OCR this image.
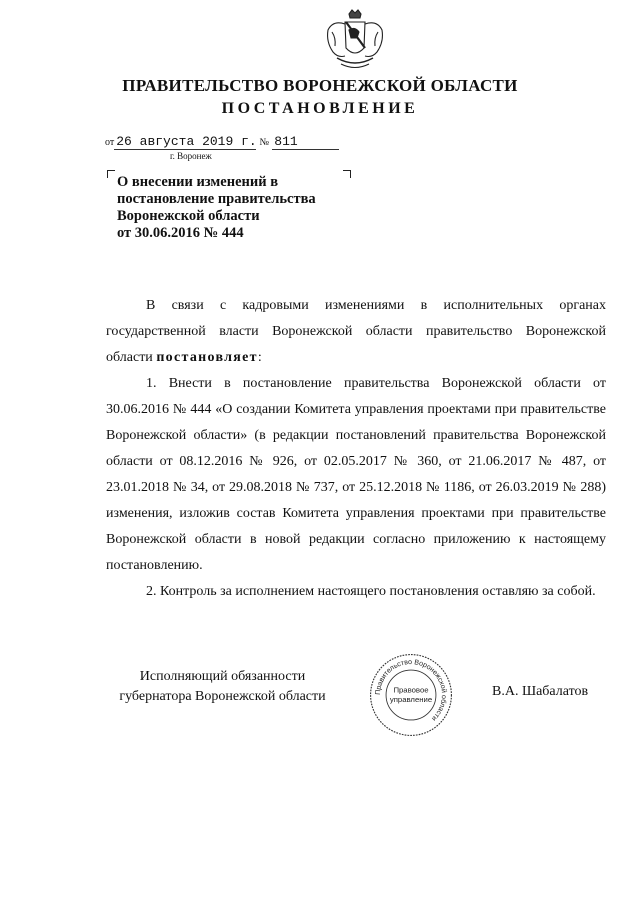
ПРАВИТЕЛЬСТВО ВОРОНЕЖСКОЙ ОБЛАСТИ
ПОСТАНОВЛЕНИЕ
от 26 августа 2019 г. № 811
г. Воронеж
О внесении изменений в
постановление правительства
Воронежской области
от 30.06.2016 № 444

В связи с кадровыми изменениями в исполнительных органах государственной власти Воронежской области правительство Воронежской области постановляет:

1. Внести в постановление правительства Воронежской области от 30.06.2016 № 444 «О создании Комитета управления проектами при правительстве Воронежской области» (в редакции постановлений правительства Воронежской области от 08.12.2016 № 926, от 02.05.2017 № 360, от 21.06.2017 № 487, от 23.01.2018 № 34, от 29.08.2018 № 737, от 25.12.2018 № 1186, от 26.03.2019 № 288) изменения, изложив состав Комитета управления проектами при правительстве Воронежской области в новой редакции согласно приложению к настоящему постановлению.

2. Контроль за исполнением настоящего постановления оставляю за собой.

Исполняющий обязанности
губернатора Воронежской области	Правительство Воронежской области
Правовое
управление
В.А. Шабалатов
